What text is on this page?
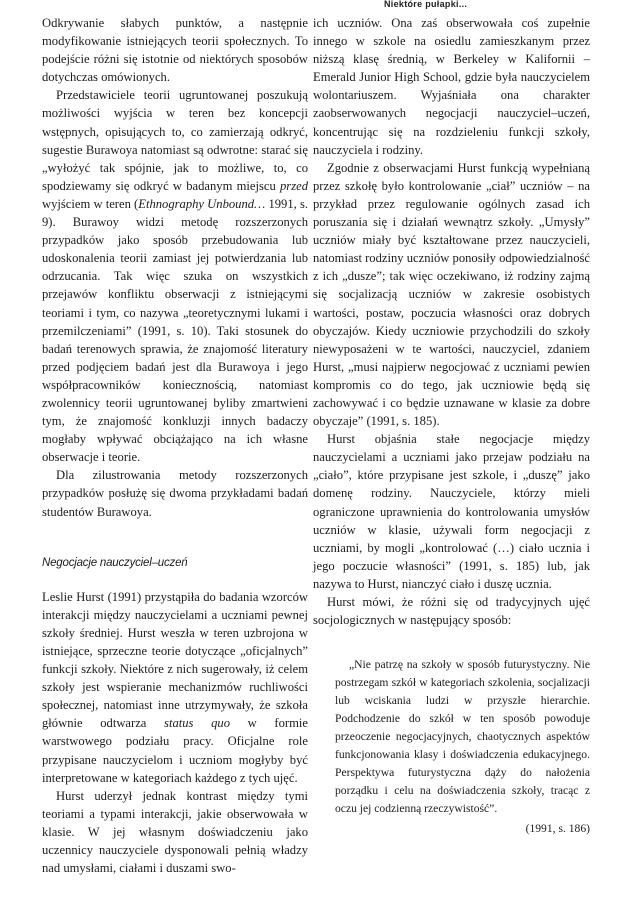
Niektóre pułapki...

Odkrywanie słabych punktów, a następnie modyfikowanie istniejących teorii społecznych. To podejście różni się istotnie od niektórych sposobów dotychczas omówionych.

Przedstawiciele teorii ugruntowanej poszukują możliwości wyjścia w teren bez koncepcji wstępnych, opisujących to, co zamierzają odkryć, sugestie Burawoya natomiast są odwrotne: starać się „wyłożyć tak spójnie, jak to możliwe, to, co spodziewamy się odkryć w badanym miejscu przed wyjściem w teren (Ethnography Unbound… 1991, s. 9). Burawoy widzi metodę rozszerzonych przypadków jako sposób przebudowania lub udoskonalenia teorii zamiast jej potwierdzania lub odrzucania. Tak więc szuka on wszystkich przejawów konfliktu obserwacji z istniejącymi teoriami i tym, co nazywa „teoretycznymi lukami i przemilczeniami” (1991, s. 10). Taki stosunek do badań terenowych sprawia, że znajomość literatury przed podjęciem badań jest dla Burawoya i jego współpracowników koniecznością, natomiast zwolennicy teorii ugruntowanej byliby zmartwieni tym, że znajomość konkluzji innych badaczy mogłaby wpływać obciążająco na ich własne obserwacje i teorie.

Dla zilustrowania metody rozszerzonych przypadków posłużę się dwoma przykładami badań studentów Burawoya.

Negocjacje nauczyciel–uczeń

Leslie Hurst (1991) przystąpiła do badania wzorców interakcji między nauczycielami a uczniami pewnej szkoły średniej. Hurst weszła w teren uzbrojona w istniejące, sprzeczne teorie dotyczące „oficjalnych” funkcji szkoły. Niektóre z nich sugerowały, iż celem szkoły jest wspieranie mechanizmów ruchliwości społecznej, natomiast inne utrzymywały, że szkoła głównie odtwarza status quo w formie warstwowego podziału pracy. Oficjalne role przypisane nauczycielom i uczniom mogłyby być interpretowane w kategoriach każdego z tych ujęć.

Hurst uderzył jednak kontrast między tymi teoriami a typami interakcji, jakie obserwowała w klasie. W jej własnym doświadczeniu jako uczennicy nauczyciele dysponowali pełnią władzy nad umysłami, ciałami i duszami swo-

ich uczniów. Ona zaś obserwowała coś zupełnie innego w szkole na osiedlu zamieszkanym przez niższą klasę średnią, w Berkeley w Kalifornii – Emerald Junior High School, gdzie była nauczycielem wolontariuszem. Wyjaśniała ona charakter zaobserwowanych negocjacji nauczyciel–uczeń, koncentrując się na rozdzieleniu funkcji szkoły, nauczyciela i rodziny.

Zgodnie z obserwacjami Hurst funkcją wypełnianą przez szkołę było kontrolowanie „ciał” uczniów – na przykład przez regulowanie ogólnych zasad ich poruszania się i działań wewnątrz szkoły. „Umysły” uczniów miały być kształtowane przez nauczycieli, natomiast rodziny uczniów ponosiły odpowiedzialność z ich „dusze”; tak więc oczekiwano, iż rodziny zajmą się socjalizacją uczniów w zakresie osobistych wartości, postaw, poczucia własności oraz dobrych obyczajów. Kiedy uczniowie przychodzili do szkoły niewyposażeni w te wartości, nauczyciel, zdaniem Hurst, „musi najpierw negocjować z uczniami pewien kompromis co do tego, jak uczniowie będą się zachowywać i co będzie uznawane w klasie za dobre obyczaje” (1991, s. 185).

Hurst objaśnia stałe negocjacje między nauczycielami a uczniami jako przejaw podziału na „ciało”, które przypisane jest szkole, i „duszę” jako domenę rodziny. Nauczyciele, którzy mieli ograniczone uprawnienia do kontrolowania umysłów uczniów w klasie, używali form negocjacji z uczniami, by mogli „kontrolować (…) ciało ucznia i jego poczucie własności” (1991, s. 185) lub, jak nazywa to Hurst, nianczyć ciało i duszę ucznia.

Hurst mówi, że różni się od tradycyjnych ujęć socjologicznych w następujący sposób:

„Nie patrzę na szkoły w sposób futurystyczny. Nie postrzegam szkół w kategoriach szkolenia, socjalizacji lub wciskania ludzi w przyszłe hierarchie. Podchodzenie do szkół w ten sposób powoduje przeoczenie negocjacyjnych, chaotycznych aspektów funkcjonowania klasy i doświadczenia edukacyjnego. Perspektywa futurystyczna dąży do nałożenia porządku i celu na doświadczenia szkoły, tracąc z oczu jej codzienną rzeczywistość”.

(1991, s. 186)
